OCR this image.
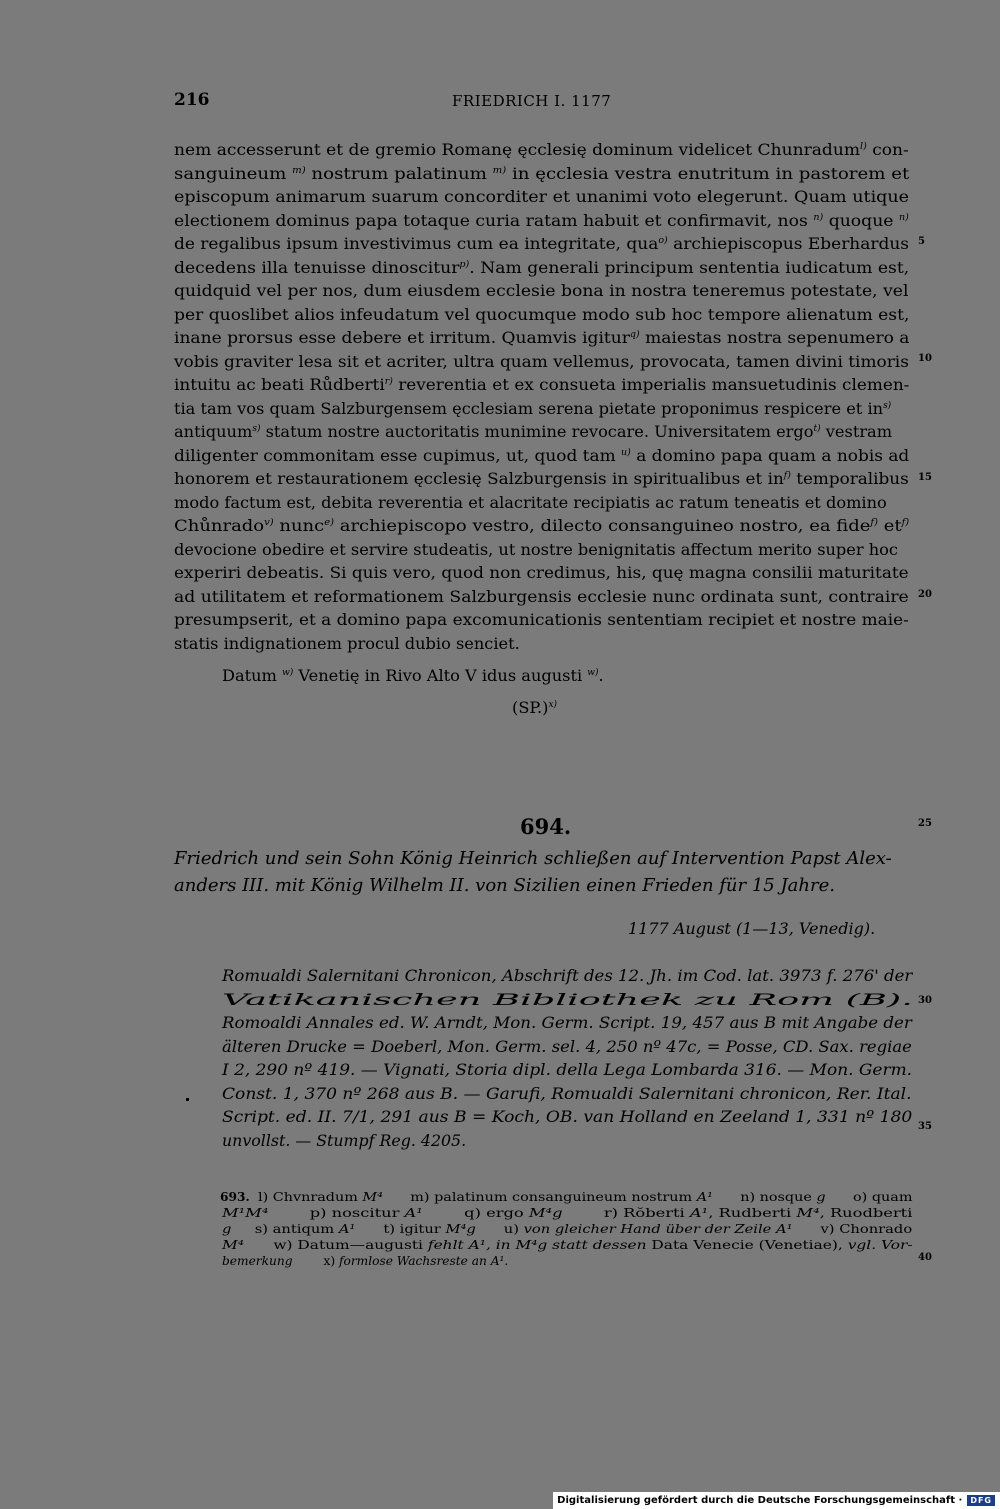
216	FRIEDRICH I. 1177
nem accesserunt et de gremio Romanę ęcclesię dominum videlicet Chunradum$^{l)}$ con-
sanguineum $^{m)}$ nostrum palatinum $^{m)}$ in ęcclesia vestra enutritum in pastorem et
episcopum animarum suarum concorditer et unanimi voto elegerunt. Quam utique
electionem dominus papa totaque curia ratam habuit et confirmavit, nos $^{n)}$ quoque $^{n)}$
de regalibus ipsum investivimus cum ea integritate, qua$^{o)}$ archiepiscopus Eberhardus
decedens illa tenuisse dinoscitur$^{p)}$. Nam generali principum sententia iudicatum est,
quidquid vel per nos, dum eiusdem ecclesie bona in nostra teneremus potestate, vel
per quoslibet alios infeudatum vel quocumque modo sub hoc tempore alienatum est,
inane prorsus esse debere et irritum. Quamvis igitur$^{q)}$ maiestas nostra sepenumero a
vobis graviter lesa sit et acriter, ultra quam vellemus, provocata, tamen divini timoris
intuitu ac beati Růdberti$^{r)}$ reverentia et ex consueta imperialis mansuetudinis clemen-
tia tam vos quam Salzburgensem ęcclesiam serena pietate proponimus respicere et $in^{s)}$
antiquum$^{s)}$ statum nostre auctoritatis munimine revocare. Universitatem ergo$^{t)}$ vestram
diligenter commonitam esse cupimus, ut, quod tam $^{u)}$ a domino papa quam a nobis ad
honorem et restaurationem ęcclesię Salzburgensis in spiritualibus et $in^{f)}$ temporalibus
modo factum est, debita reverentia et alacritate recipiatis ac ratum teneatis et domino
Chůnrado$^{v)}$ nunc$^{e)}$ archiepiscopo vestro, dilecto consanguineo nostro, ea fide$^{f)}$ $et^{f)}$
devocione obedire et servire studeatis, ut nostre benignitatis affectum merito super hoc
experiri debeatis. Si quis vero, quod non credimus, his, quę magna consilii maturitate
ad utilitatem et reformationem Salzburgensis ecclesie nunc ordinata sunt, contraire
presumpserit, et a domino papa excomunicationis sententiam recipiet et nostre maie-
statis indignationem procul dubio senciet.
Datum $^{w)}$ Venetię in Rivo Alto V idus augusti $^{w)}$.
$(SP.)^{x)}$
694.
Friedrich und sein Sohn König Heinrich schließen auf Intervention Papst Alex-
anders III. mit König Wilhelm II. von Sizilien einen Frieden für 15 Jahre.
1177 August (1—13, Venedig).
Romualdi Salernitani Chronicon, Abschrift des 12. Jh. im Cod. lat. 3973 f. 276' der
Vatikanischen Bibliothek zu Rom (B).
Romoaldi Annales ed. W. Arndt, Mon. Germ. Script. 19, 457 aus B mit Angabe der
älteren Drucke = Doeberl, Mon. Germ. sel. 4, 250 nº 47c, = Posse, CD. Sax. regiae
I 2, 290 nº 419. — Vignati, Storia dipl. della Lega Lombarda 316. — Mon. Germ.
Const. 1, 370 nº 268 aus B. — Garufi, Romualdi Salernitani chronicon, Rer. Ital.
Script. ed. II. 7/1, 291 aus B = Koch, OB. van Holland en Zeeland 1, 331 nº 180
unvollst. — Stumpf Reg. 4205.
693. l) Chvnradum M⁴      m) palatinum consanguineum nostrum A¹      n) nosque g      o) quam
M¹M⁴        p) noscitur A¹        q) ergo M⁴g        r) Rŏberti A¹, Rudberti M⁴, Ruodberti
g     s) antiqum A¹      t) igitur M⁴g      u) von gleicher Hand über der Zeile A¹      v) Chonrado
M⁴      w) Datum—augusti fehlt A¹, in M⁴g statt dessen Data Venecie (Venetiae), vgl. Vor-
bemerkung        x) formlose Wachsreste an A¹.
5
10
15
20
25
30
35
40
Digitalisierung gefördert durch die Deutsche Forschungsgemeinschaft ·	DFG
